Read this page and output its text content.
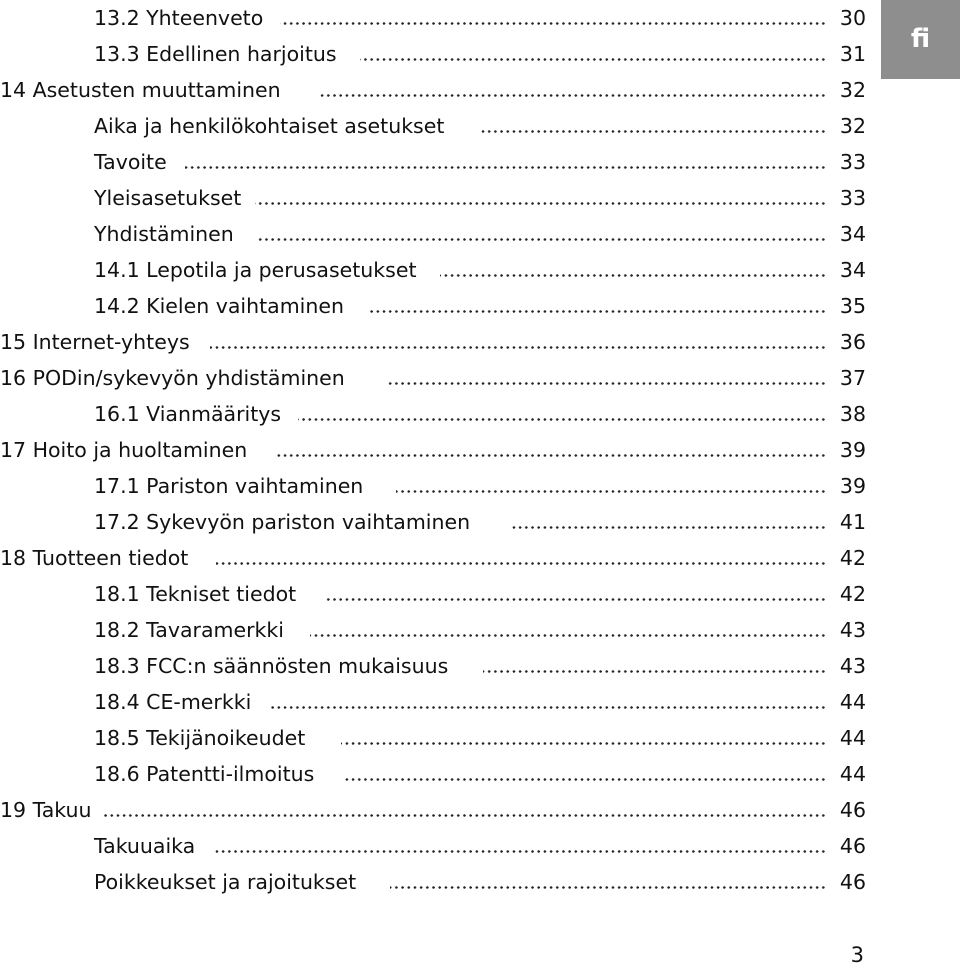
fi
13.2 Yhteenveto	30
13.3 Edellinen harjoitus	31
14 Asetusten muuttaminen	32
Aika ja henkilökohtaiset asetukset	32
Tavoite	33
Yleisasetukset	33
Yhdistäminen	34
14.1 Lepotila ja perusasetukset	34
14.2 Kielen vaihtaminen	35
15 Internet-yhteys	36
16 PODin/sykevyön yhdistäminen	37
16.1 Vianmääritys	38
17 Hoito ja huoltaminen	39
17.1 Pariston vaihtaminen	39
17.2 Sykevyön pariston vaihtaminen	41
18 Tuotteen tiedot	42
18.1 Tekniset tiedot	42
18.2 Tavaramerkki	43
18.3 FCC:n säännösten mukaisuus	43
18.4 CE-merkki	44
18.5 Tekijänoikeudet	44
18.6 Patentti-ilmoitus	44
19 Takuu	46
Takuuaika	46
Poikkeukset ja rajoitukset	46
3
